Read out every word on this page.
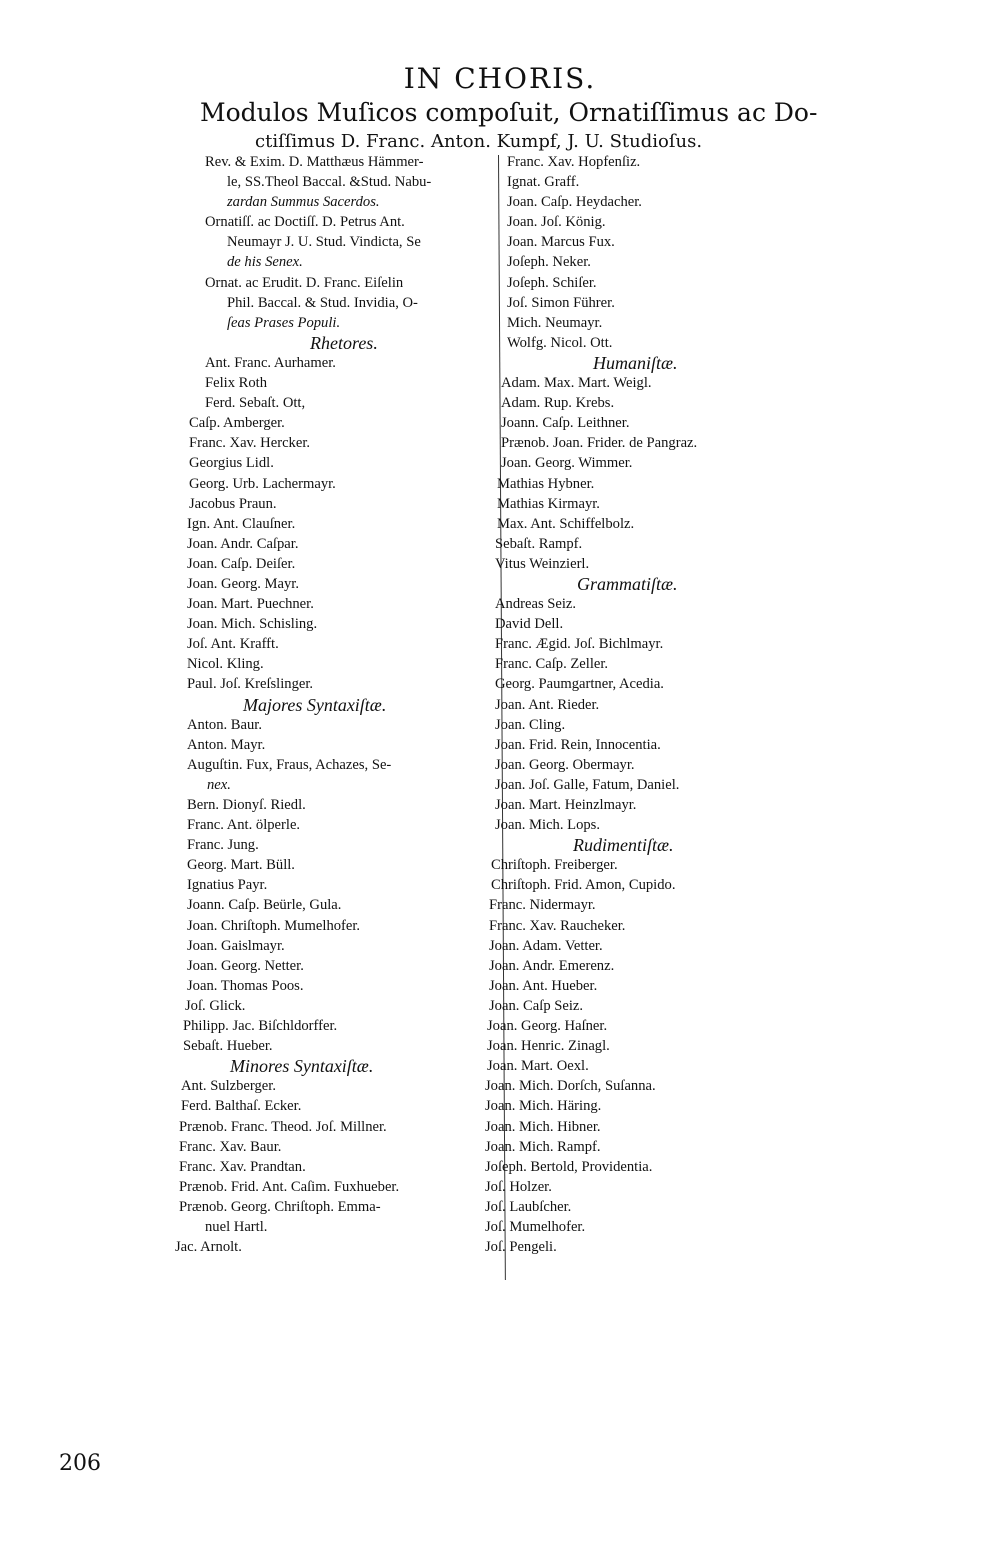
IN CHORIS.
Modulos Muſicos compoſuit, Ornatiſſimus ac Do-
ctiſſimus D. Franc. Anton. Kumpf, J. U. Studioſus.
Rev. & Exim. D. Matthæus Hämmer-
le, SS.Theol Baccal. &Stud. Nabu-
zardan Summus Sacerdos.
Ornatiſſ. ac Doctiſſ. D. Petrus Ant.
Neumayr J. U. Stud. Vindicta, Se
de his Senex.
Ornat. ac Erudit. D. Franc. Eiſelin
Phil. Baccal. & Stud. Invidia, O-
ſeas Prases Populi.
Rhetores.
Ant. Franc. Aurhamer.
Felix Roth
Ferd. Sebaſt. Ott,
Caſp. Amberger.
Franc. Xav. Hercker.
Georgius Lidl.
Georg. Urb. Lachermayr.
Jacobus Praun.
Ign. Ant. Clauſner.
Joan. Andr. Caſpar.
Joan. Caſp. Deiſer.
Joan. Georg. Mayr.
Joan. Mart. Puechner.
Joan. Mich. Schisling.
Joſ. Ant. Krafft.
Nicol. Kling.
Paul. Joſ. Kreſslinger.
Majores Syntaxiſtæ.
Anton. Baur.
Anton. Mayr.
Auguſtin. Fux, Fraus, Achazes, Se-
nex.
Bern. Dionyſ. Riedl.
Franc. Ant. ölperle.
Franc. Jung.
Georg. Mart. Büll.
Ignatius Payr.
Joann. Caſp. Beürle, Gula.
Joan. Chriſtoph. Mumelhofer.
Joan. Gaislmayr.
Joan. Georg. Netter.
Joan. Thomas Poos.
Joſ. Glick.
Philipp. Jac. Biſchldorffer.
Sebaſt. Hueber.
Minores Syntaxiſtæ.
Ant. Sulzberger.
Ferd. Balthaſ. Ecker.
Prænob. Franc. Theod. Joſ. Millner.
Franc. Xav. Baur.
Franc. Xav. Prandtan.
Prænob. Frid. Ant. Caſim. Fuxhueber.
Prænob. Georg. Chriſtoph. Emma-
nuel Hartl.
Jac. Arnolt.
Franc. Xav. Hopfenſiz.
Ignat. Graff.
Joan. Caſp. Heydacher.
Joan. Joſ. König.
Joan. Marcus Fux.
Joſeph. Neker.
Joſeph. Schiſer.
Joſ. Simon Führer.
Mich. Neumayr.
Wolfg. Nicol. Ott.
Humaniſtæ.
Adam. Max. Mart. Weigl.
Adam. Rup. Krebs.
Joann. Caſp. Leithner.
Prænob. Joan. Frider. de Pangraz.
Joan. Georg. Wimmer.
Mathias Hybner.
Mathias Kirmayr.
Max. Ant. Schiffelbolz.
Sebaſt. Rampf.
Vitus Weinzierl.
Grammatiſtæ.
Andreas Seiz.
David Dell.
Franc. Ægid. Joſ. Bichlmayr.
Franc. Caſp. Zeller.
Georg. Paumgartner, Acedia.
Joan. Ant. Rieder.
Joan. Cling.
Joan. Frid. Rein, Innocentia.
Joan. Georg. Obermayr.
Joan. Joſ. Galle, Fatum, Daniel.
Joan. Mart. Heinzlmayr.
Joan. Mich. Lops.
Rudimentiſtæ.
Chriſtoph. Freiberger.
Chriſtoph. Frid. Amon, Cupido.
Franc. Nidermayr.
Franc. Xav. Raucheker.
Joan. Adam. Vetter.
Joan. Andr. Emerenz.
Joan. Ant. Hueber.
Joan. Caſp Seiz.
Joan. Georg. Haſner.
Joan. Henric. Zinagl.
Joan. Mart. Oexl.
Joan. Mich. Dorſch, Suſanna.
Joan. Mich. Häring.
Joan. Mich. Hibner.
Joan. Mich. Rampf.
Joſeph. Bertold, Providentia.
Joſ. Holzer.
Joſ. Laubſcher.
Joſ. Mumelhofer.
Joſ. Pengeli.
206
